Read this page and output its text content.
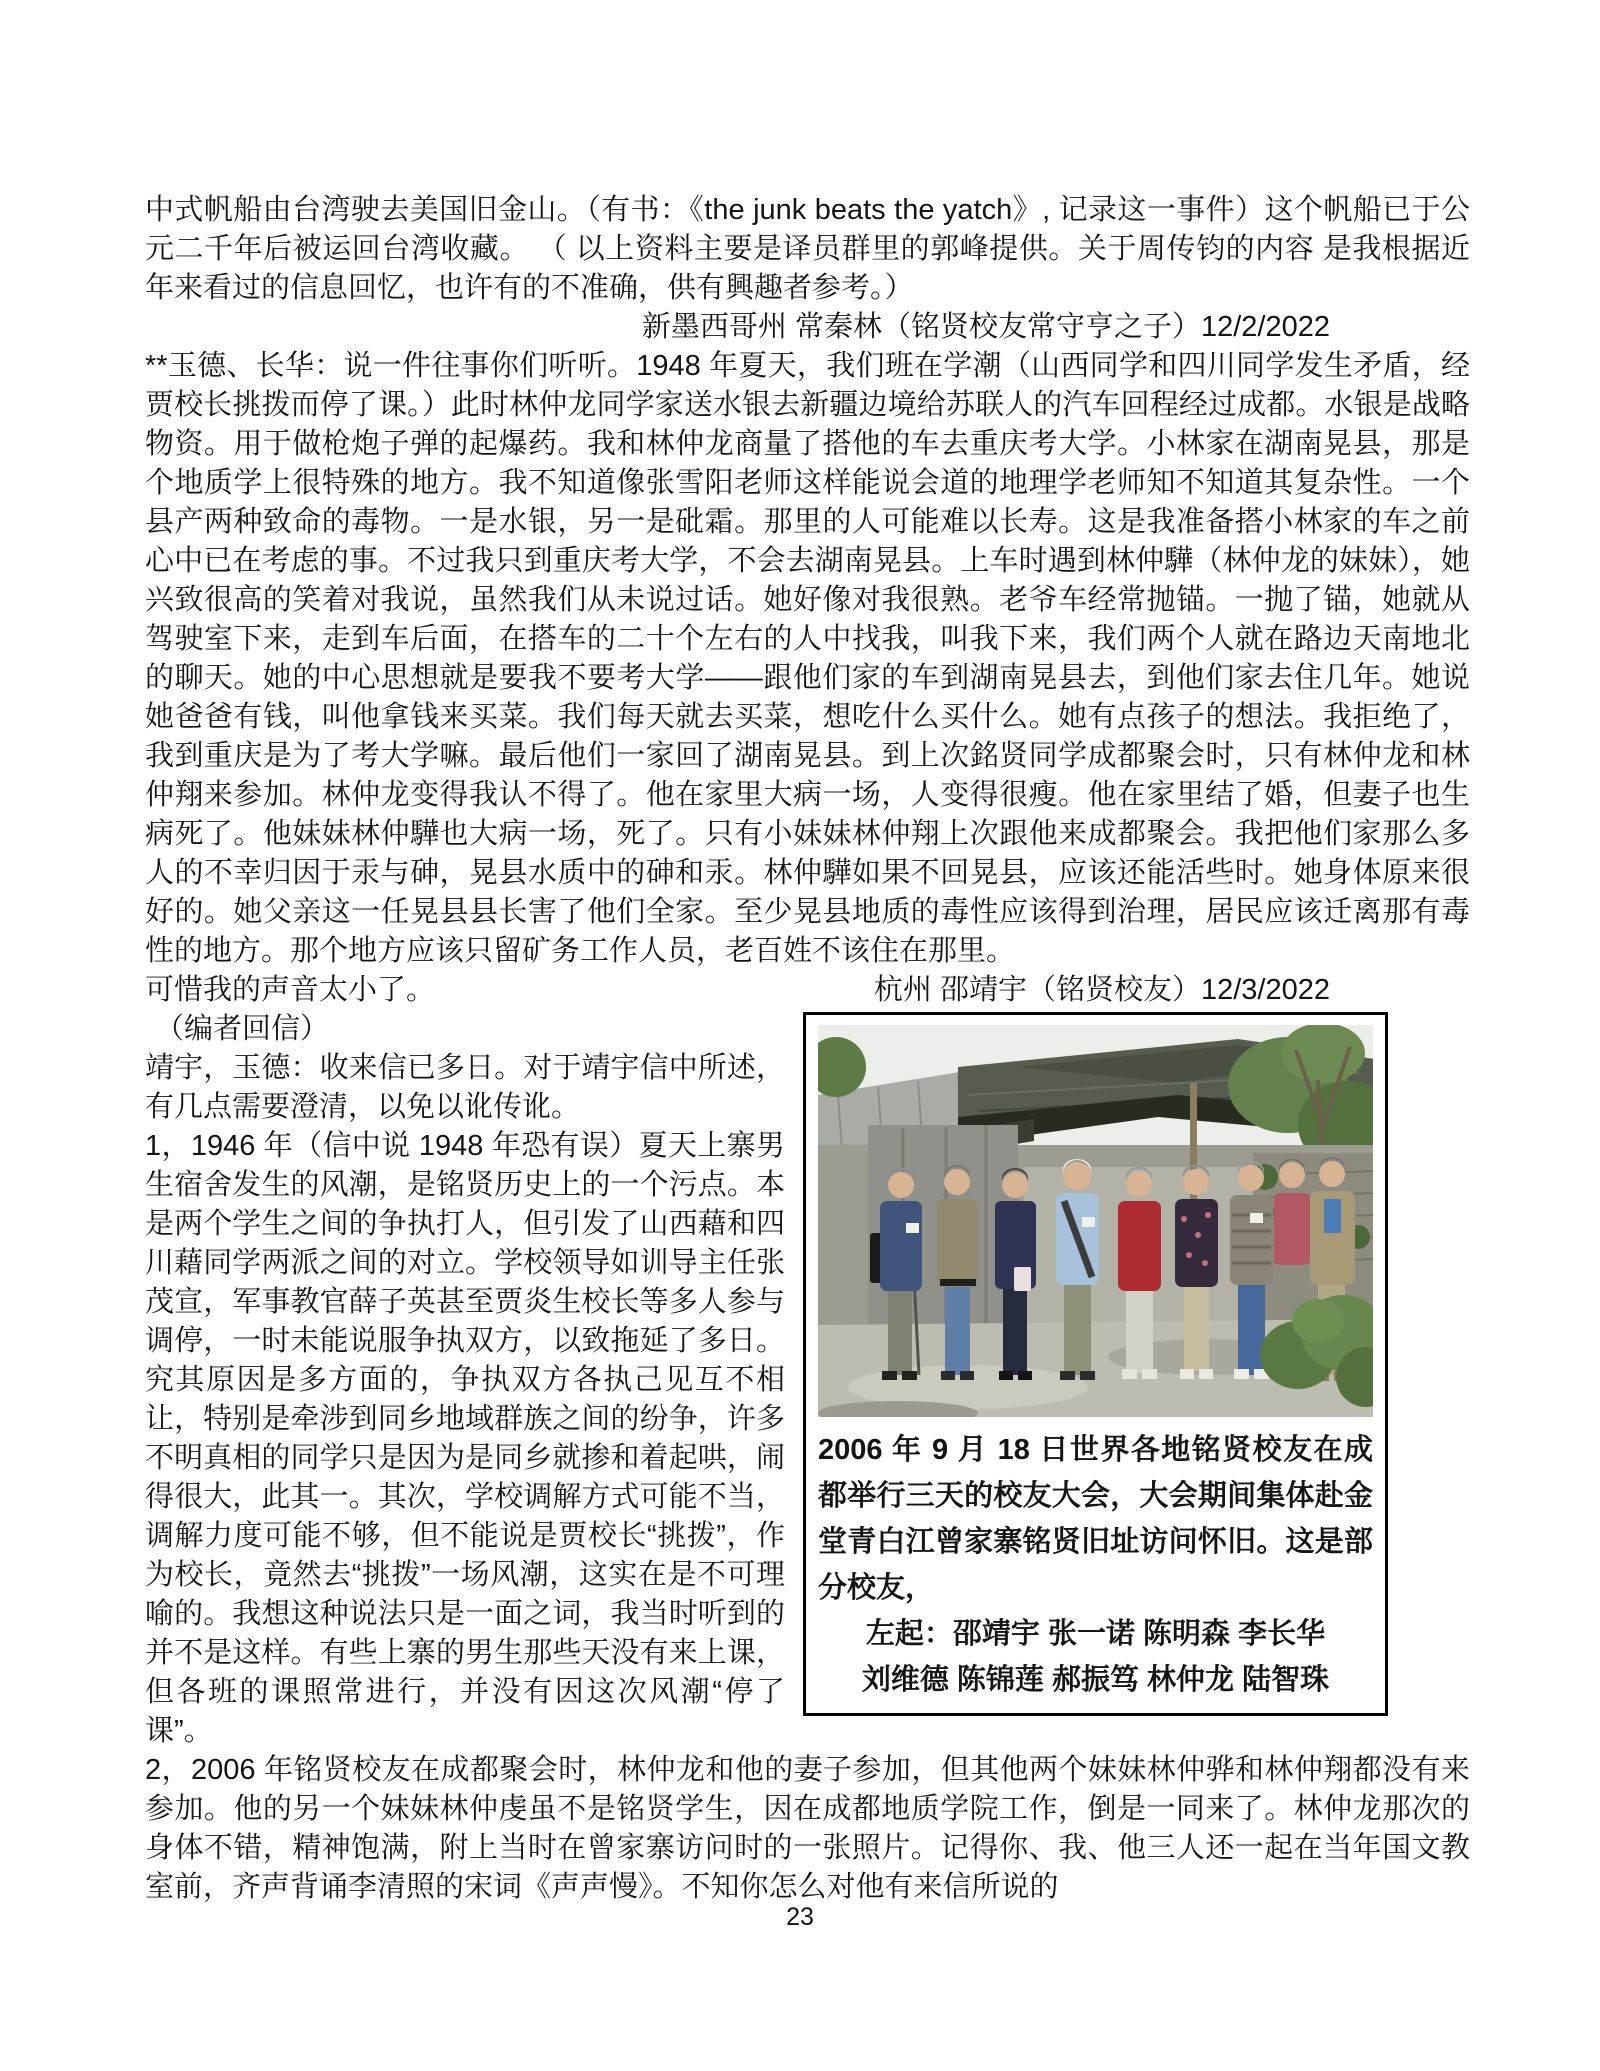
中式帆船由台湾驶去美国旧金山。（有书：《the junk beats the yatch》, 记录这一事件）这个帆船已于公元二千年后被运回台湾收藏。 （ 以上资料主要是译员群里的郭峰提供。关于周传钧的内容 是我根据近年来看过的信息回忆，也许有的不准确，供有興趣者参考。）

新墨西哥州 常秦林（铭贤校友常守亨之子）12/2/2022

**玉德、长华：说一件往事你们听听。1948 年夏天，我们班在学潮（山西同学和四川同学发生矛盾，经贾校长挑拨而停了课。）此时林仲龙同学家送水银去新疆边境给苏联人的汽车回程经过成都。水银是战略物资。用于做枪炮子弹的起爆药。我和林仲龙商量了搭他的车去重庆考大学。小林家在湖南晃县，那是个地质学上很特殊的地方。我不知道像张雪阳老师这样能说会道的地理学老师知不知道其复杂性。一个县产两种致命的毒物。一是水银，另一是砒霜。那里的人可能难以长寿。这是我准备搭小林家的车之前心中已在考虑的事。不过我只到重庆考大学，不会去湖南晃县。上车时遇到林仲驊（林仲龙的妹妹），她兴致很高的笑着对我说，虽然我们从未说过话。她好像对我很熟。老爷车经常抛锚。一抛了锚，她就从驾驶室下来，走到车后面，在搭车的二十个左右的人中找我，叫我下来，我们两个人就在路边天南地北的聊天。她的中心思想就是要我不要考大学——跟他们家的车到湖南晃县去，到他们家去住几年。她说她爸爸有钱，叫他拿钱来买菜。我们每天就去买菜，想吃什么买什么。她有点孩子的想法。我拒绝了，我到重庆是为了考大学嘛。最后他们一家回了湖南晃县。到上次銘贤同学成都聚会时，只有林仲龙和林仲翔来参加。林仲龙变得我认不得了。他在家里大病一场，人变得很瘦。他在家里结了婚，但妻子也生病死了。他妹妹林仲驊也大病一场，死了。只有小妹妹林仲翔上次跟他来成都聚会。我把他们家那么多人的不幸归因于汞与砷，晃县水质中的砷和汞。林仲驊如果不回晃县，应该还能活些时。她身体原来很好的。她父亲这一任晃县县长害了他们全家。至少晃县地质的毒性应该得到治理，居民应该迁离那有毒性的地方。那个地方应该只留矿务工作人员，老百姓不该住在那里。

可惜我的声音太小了。	杭州 邵靖宇（铭贤校友）12/3/2022

2006 年 9 月 18 日世界各地铭贤校友在成都举行三天的校友大会，大会期间集体赴金堂青白江曾家寨铭贤旧址访问怀旧。这是部分校友，

左起：邵靖宇 张一诺 陈明森 李长华

刘维德 陈锦莲 郝振笃 林仲龙 陆智珠

（编者回信）

靖宇，玉德：收来信已多日。对于靖宇信中所述，有几点需要澄清，以免以讹传讹。

1，1946 年（信中说 1948 年恐有误）夏天上寨男生宿舍发生的风潮，是铭贤历史上的一个污点。本是两个学生之间的争执打人，但引发了山西藉和四川藉同学两派之间的对立。学校领导如训导主任张茂宣，军事教官薛子英甚至贾炎生校长等多人参与调停，一时未能说服争执双方，以致拖延了多日。究其原因是多方面的，争执双方各执己见互不相让，特别是牵涉到同乡地域群族之间的纷争，许多不明真相的同学只是因为是同乡就掺和着起哄，闹得很大，此其一。其次，学校调解方式可能不当，调解力度可能不够，但不能说是贾校长“挑拨”，作为校长，竟然去“挑拨”一场风潮，这实在是不可理喻的。我想这种说法只是一面之词，我当时听到的并不是这样。有些上寨的男生那些天没有来上课，但各班的课照常进行，并没有因这次风潮“停了课”。

2，2006 年铭贤校友在成都聚会时，林仲龙和他的妻子参加，但其他两个妹妹林仲骅和林仲翔都没有来参加。他的另一个妹妹林仲虔虽不是铭贤学生，因在成都地质学院工作，倒是一同来了。林仲龙那次的身体不错，精神饱满，附上当时在曾家寨访问时的一张照片。记得你、我、他三人还一起在当年国文教室前，齐声背诵李清照的宋词《声声慢》。不知你怎么对他有来信所说的

23
